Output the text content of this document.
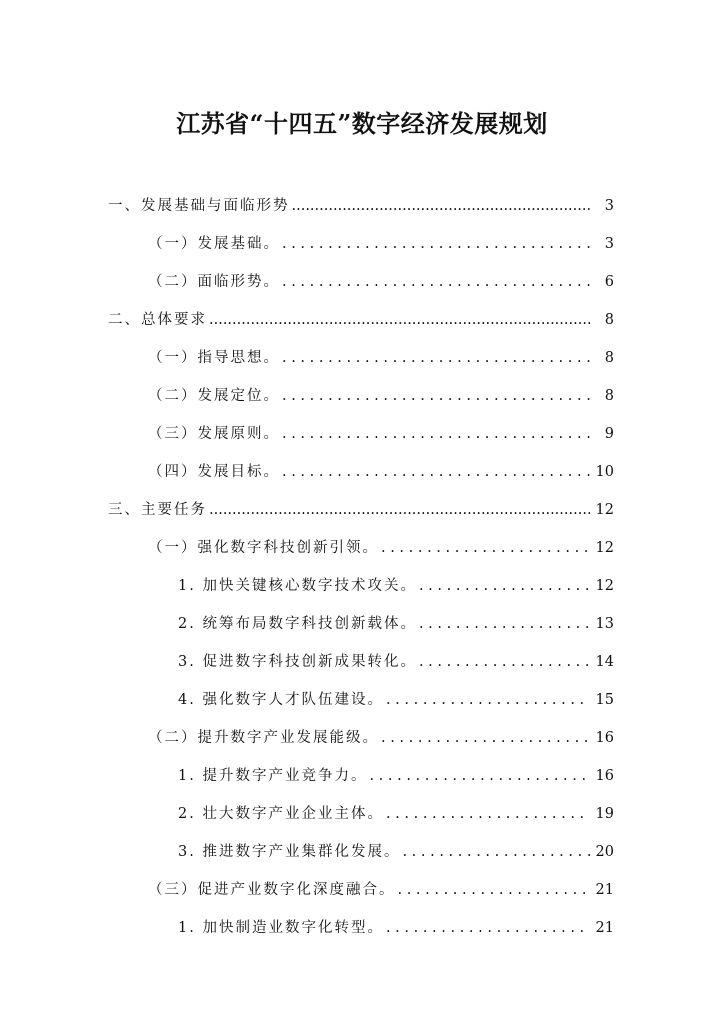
江苏省“十四五”数字经济发展规划
一、发展基础与面临形势 .....	3
（一）发展基础。 . . .	3
（二）面临形势。 . . .	6
二、总体要求 .....	8
（一）指导思想。 . . .	8
（二）发展定位。 . . .	8
（三）发展原则。 . . .	9
（四）发展目标。 . . .	10
三、主要任务 .....	12
（一）强化数字科技创新引领。 . . .	12
1. 加快关键核心数字技术攻关。 . . .	12
2. 统筹布局数字科技创新载体。 . . .	13
3. 促进数字科技创新成果转化。 . . .	14
4. 强化数字人才队伍建设。 . . .	15
（二）提升数字产业发展能级。 . . .	16
1. 提升数字产业竞争力。 . . .	16
2. 壮大数字产业企业主体。 . . .	19
3. 推进数字产业集群化发展。 . . .	20
（三）促进产业数字化深度融合。 . . .	21
1. 加快制造业数字化转型。 . . .	21
